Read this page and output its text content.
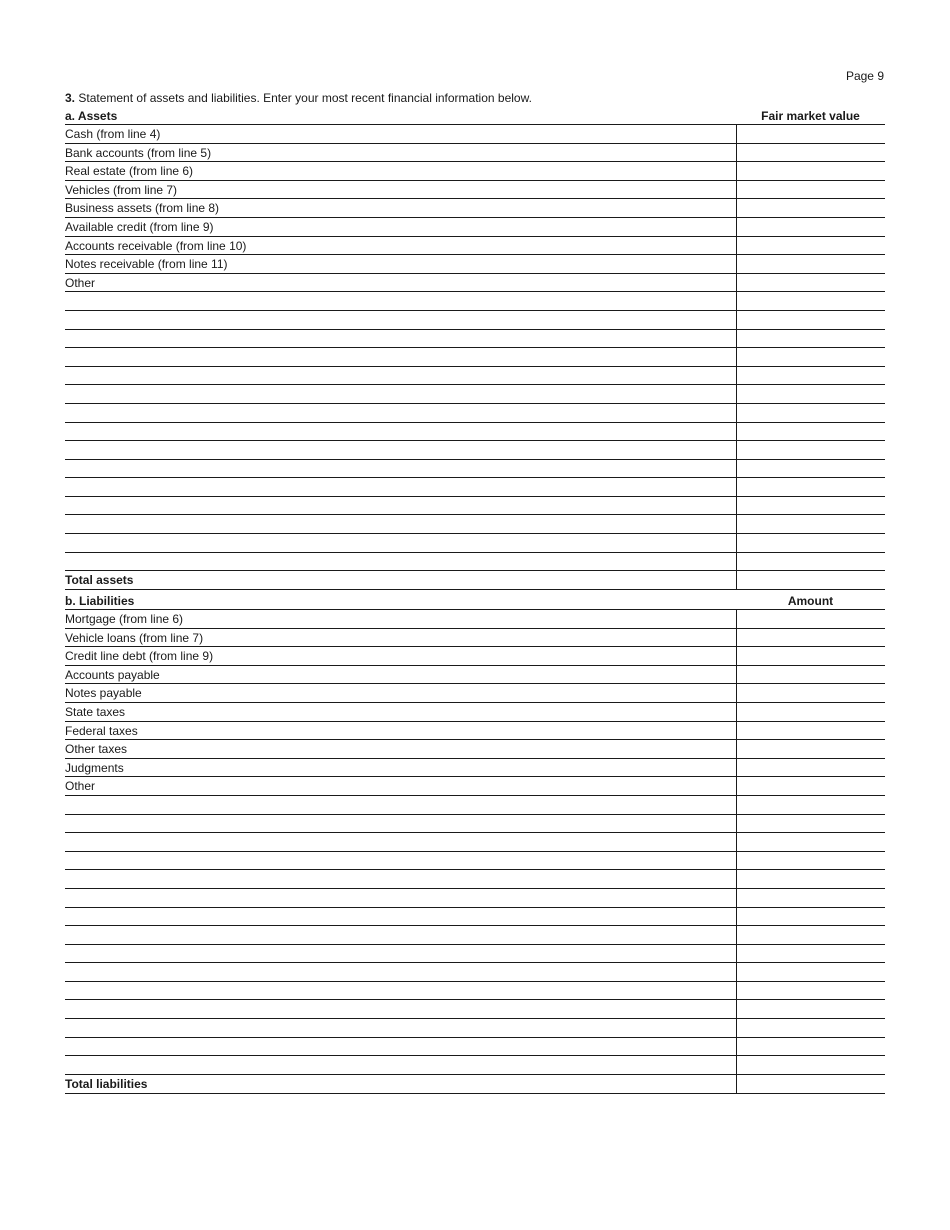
Page 9
3. Statement of assets and liabilities. Enter your most recent financial information below.
a. Assets	Fair market value
Cash (from line 4)
Bank accounts (from line 5)
Real estate (from line 6)
Vehicles (from line 7)
Business assets (from line 8)
Available credit (from line 9)
Accounts receivable (from line 10)
Notes receivable (from line 11)
Other
Total assets
b. Liabilities	Amount
Mortgage (from line 6)
Vehicle loans (from line 7)
Credit line debt (from line 9)
Accounts payable
Notes payable
State taxes
Federal taxes
Other taxes
Judgments
Other
Total liabilities
